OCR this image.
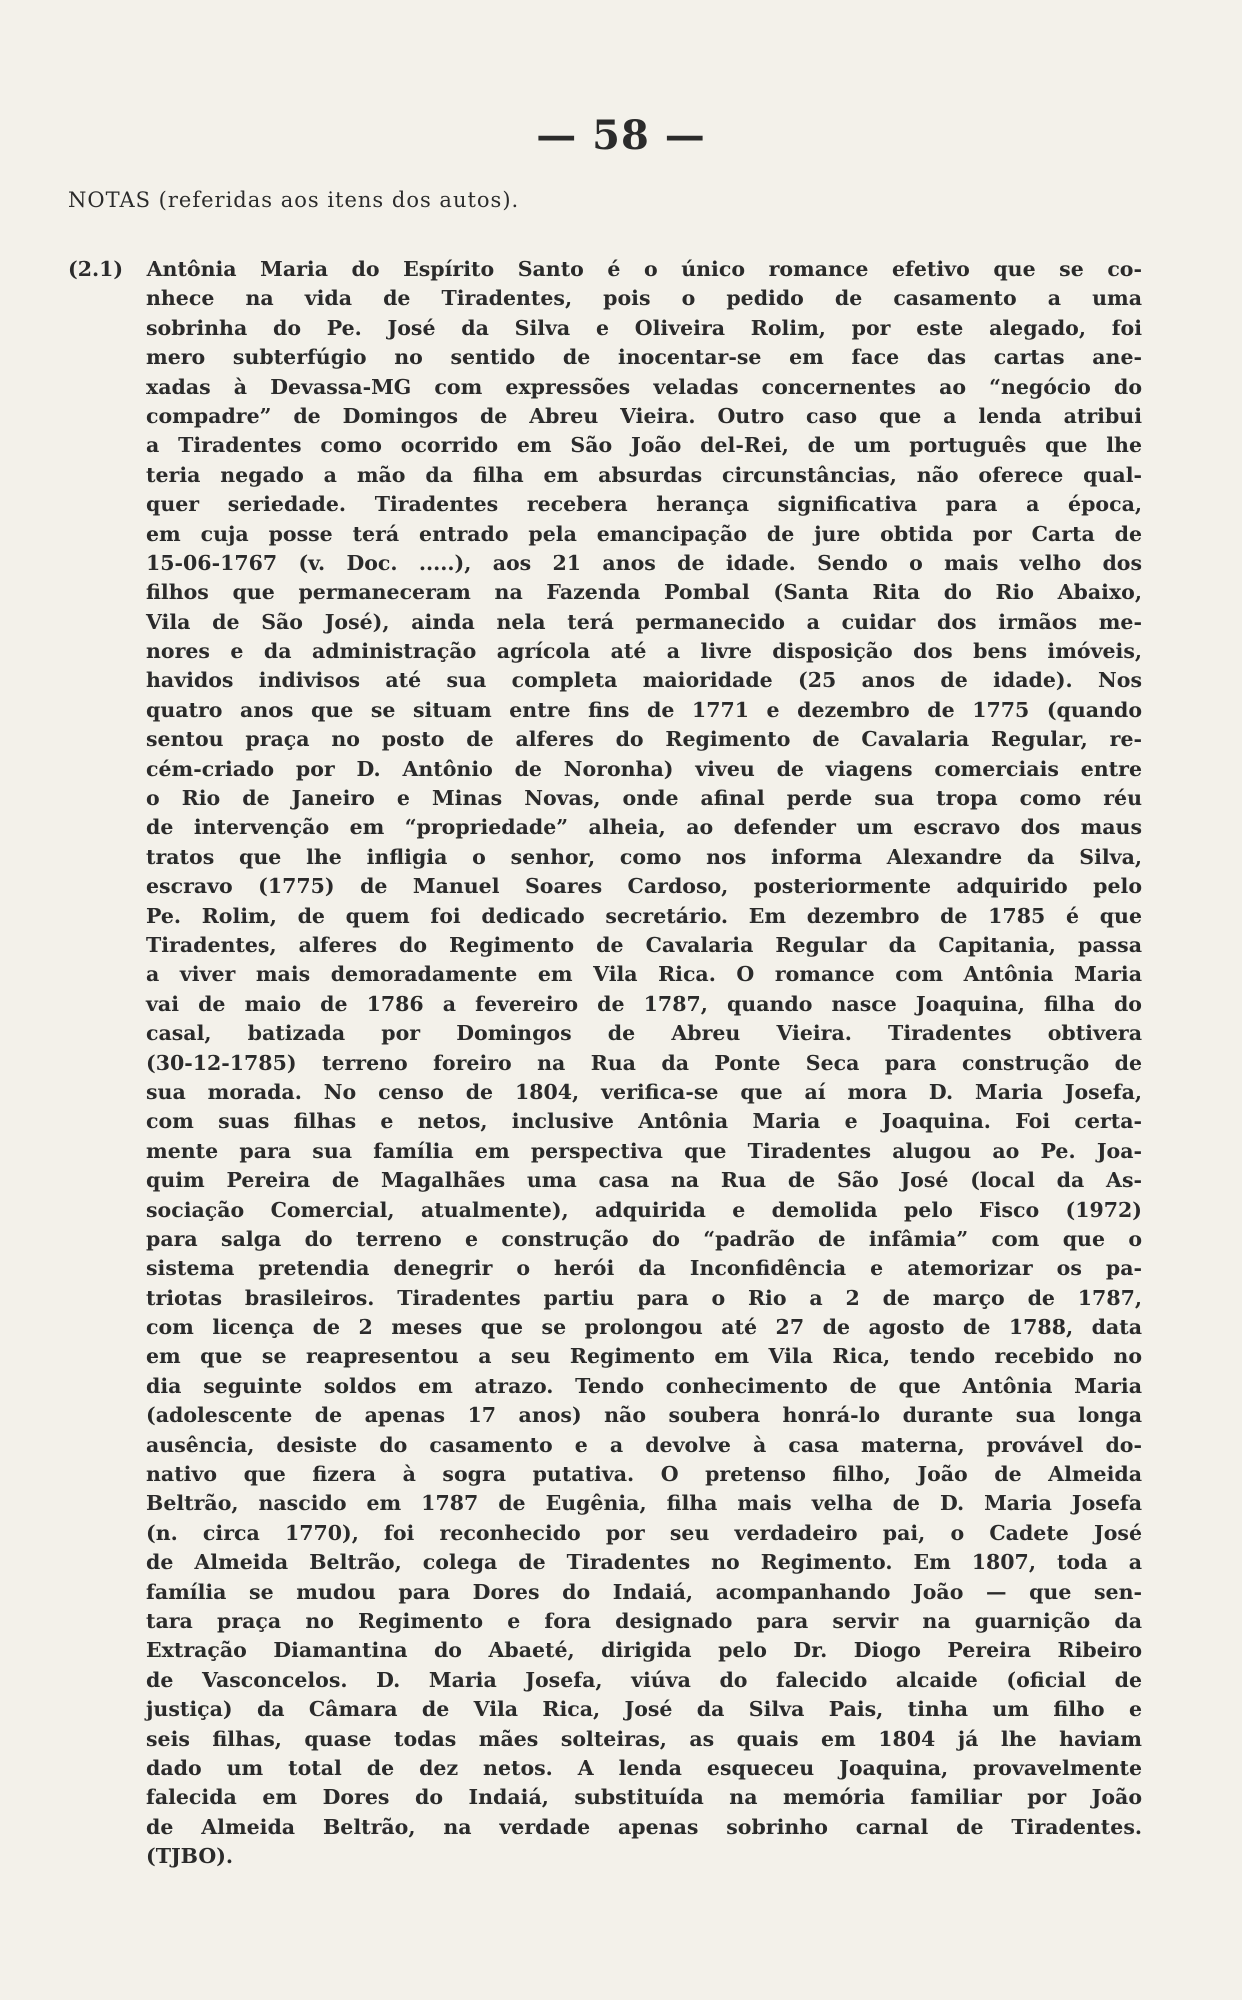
— 58 —
NOTAS (referidas aos itens dos autos).
(2.1) Antônia Maria do Espírito Santo é o único romance efetivo que se co-
nhece na vida de Tiradentes, pois o pedido de casamento a uma
sobrinha do Pe. José da Silva e Oliveira Rolim, por este alegado, foi
mero subterfúgio no sentido de inocentar-se em face das cartas ane-
xadas à Devassa-MG com expressões veladas concernentes ao “negócio do
compadre” de Domingos de Abreu Vieira. Outro caso que a lenda atribui
a Tiradentes como ocorrido em São João del-Rei, de um português que lhe
teria negado a mão da filha em absurdas circunstâncias, não oferece qual-
quer seriedade. Tiradentes recebera herança significativa para a época,
em cuja posse terá entrado pela emancipação de jure obtida por Carta de
15-06-1767 (v. Doc. .....), aos 21 anos de idade. Sendo o mais velho dos
filhos que permaneceram na Fazenda Pombal (Santa Rita do Rio Abaixo,
Vila de São José), ainda nela terá permanecido a cuidar dos irmãos me-
nores e da administração agrícola até a livre disposição dos bens imóveis,
havidos indivisos até sua completa maioridade (25 anos de idade). Nos
quatro anos que se situam entre fins de 1771 e dezembro de 1775 (quando
sentou praça no posto de alferes do Regimento de Cavalaria Regular, re-
cém-criado por D. Antônio de Noronha) viveu de viagens comerciais entre
o Rio de Janeiro e Minas Novas, onde afinal perde sua tropa como réu
de intervenção em “propriedade” alheia, ao defender um escravo dos maus
tratos que lhe infligia o senhor, como nos informa Alexandre da Silva,
escravo (1775) de Manuel Soares Cardoso, posteriormente adquirido pelo
Pe. Rolim, de quem foi dedicado secretário. Em dezembro de 1785 é que
Tiradentes, alferes do Regimento de Cavalaria Regular da Capitania, passa
a viver mais demoradamente em Vila Rica. O romance com Antônia Maria
vai de maio de 1786 a fevereiro de 1787, quando nasce Joaquina, filha do
casal, batizada por Domingos de Abreu Vieira. Tiradentes obtivera
(30-12-1785) terreno foreiro na Rua da Ponte Seca para construção de
sua morada. No censo de 1804, verifica-se que aí mora D. Maria Josefa,
com suas filhas e netos, inclusive Antônia Maria e Joaquina. Foi certa-
mente para sua família em perspectiva que Tiradentes alugou ao Pe. Joa-
quim Pereira de Magalhães uma casa na Rua de São José (local da As-
sociação Comercial, atualmente), adquirida e demolida pelo Fisco (1972)
para salga do terreno e construção do “padrão de infâmia” com que o
sistema pretendia denegrir o herói da Inconfidência e atemorizar os pa-
triotas brasileiros. Tiradentes partiu para o Rio a 2 de março de 1787,
com licença de 2 meses que se prolongou até 27 de agosto de 1788, data
em que se reapresentou a seu Regimento em Vila Rica, tendo recebido no
dia seguinte soldos em atrazo. Tendo conhecimento de que Antônia Maria
(adolescente de apenas 17 anos) não soubera honrá-lo durante sua longa
ausência, desiste do casamento e a devolve à casa materna, provável do-
nativo que fizera à sogra putativa. O pretenso filho, João de Almeida
Beltrão, nascido em 1787 de Eugênia, filha mais velha de D. Maria Josefa
(n. circa 1770), foi reconhecido por seu verdadeiro pai, o Cadete José
de Almeida Beltrão, colega de Tiradentes no Regimento. Em 1807, toda a
família se mudou para Dores do Indaiá, acompanhando João — que sen-
tara praça no Regimento e fora designado para servir na guarnição da
Extração Diamantina do Abaeté, dirigida pelo Dr. Diogo Pereira Ribeiro
de Vasconcelos. D. Maria Josefa, viúva do falecido alcaide (oficial de
justiça) da Câmara de Vila Rica, José da Silva Pais, tinha um filho e
seis filhas, quase todas mães solteiras, as quais em 1804 já lhe haviam
dado um total de dez netos. A lenda esqueceu Joaquina, provavelmente
falecida em Dores do Indaiá, substituída na memória familiar por João
de Almeida Beltrão, na verdade apenas sobrinho carnal de Tiradentes.
(TJBO).
